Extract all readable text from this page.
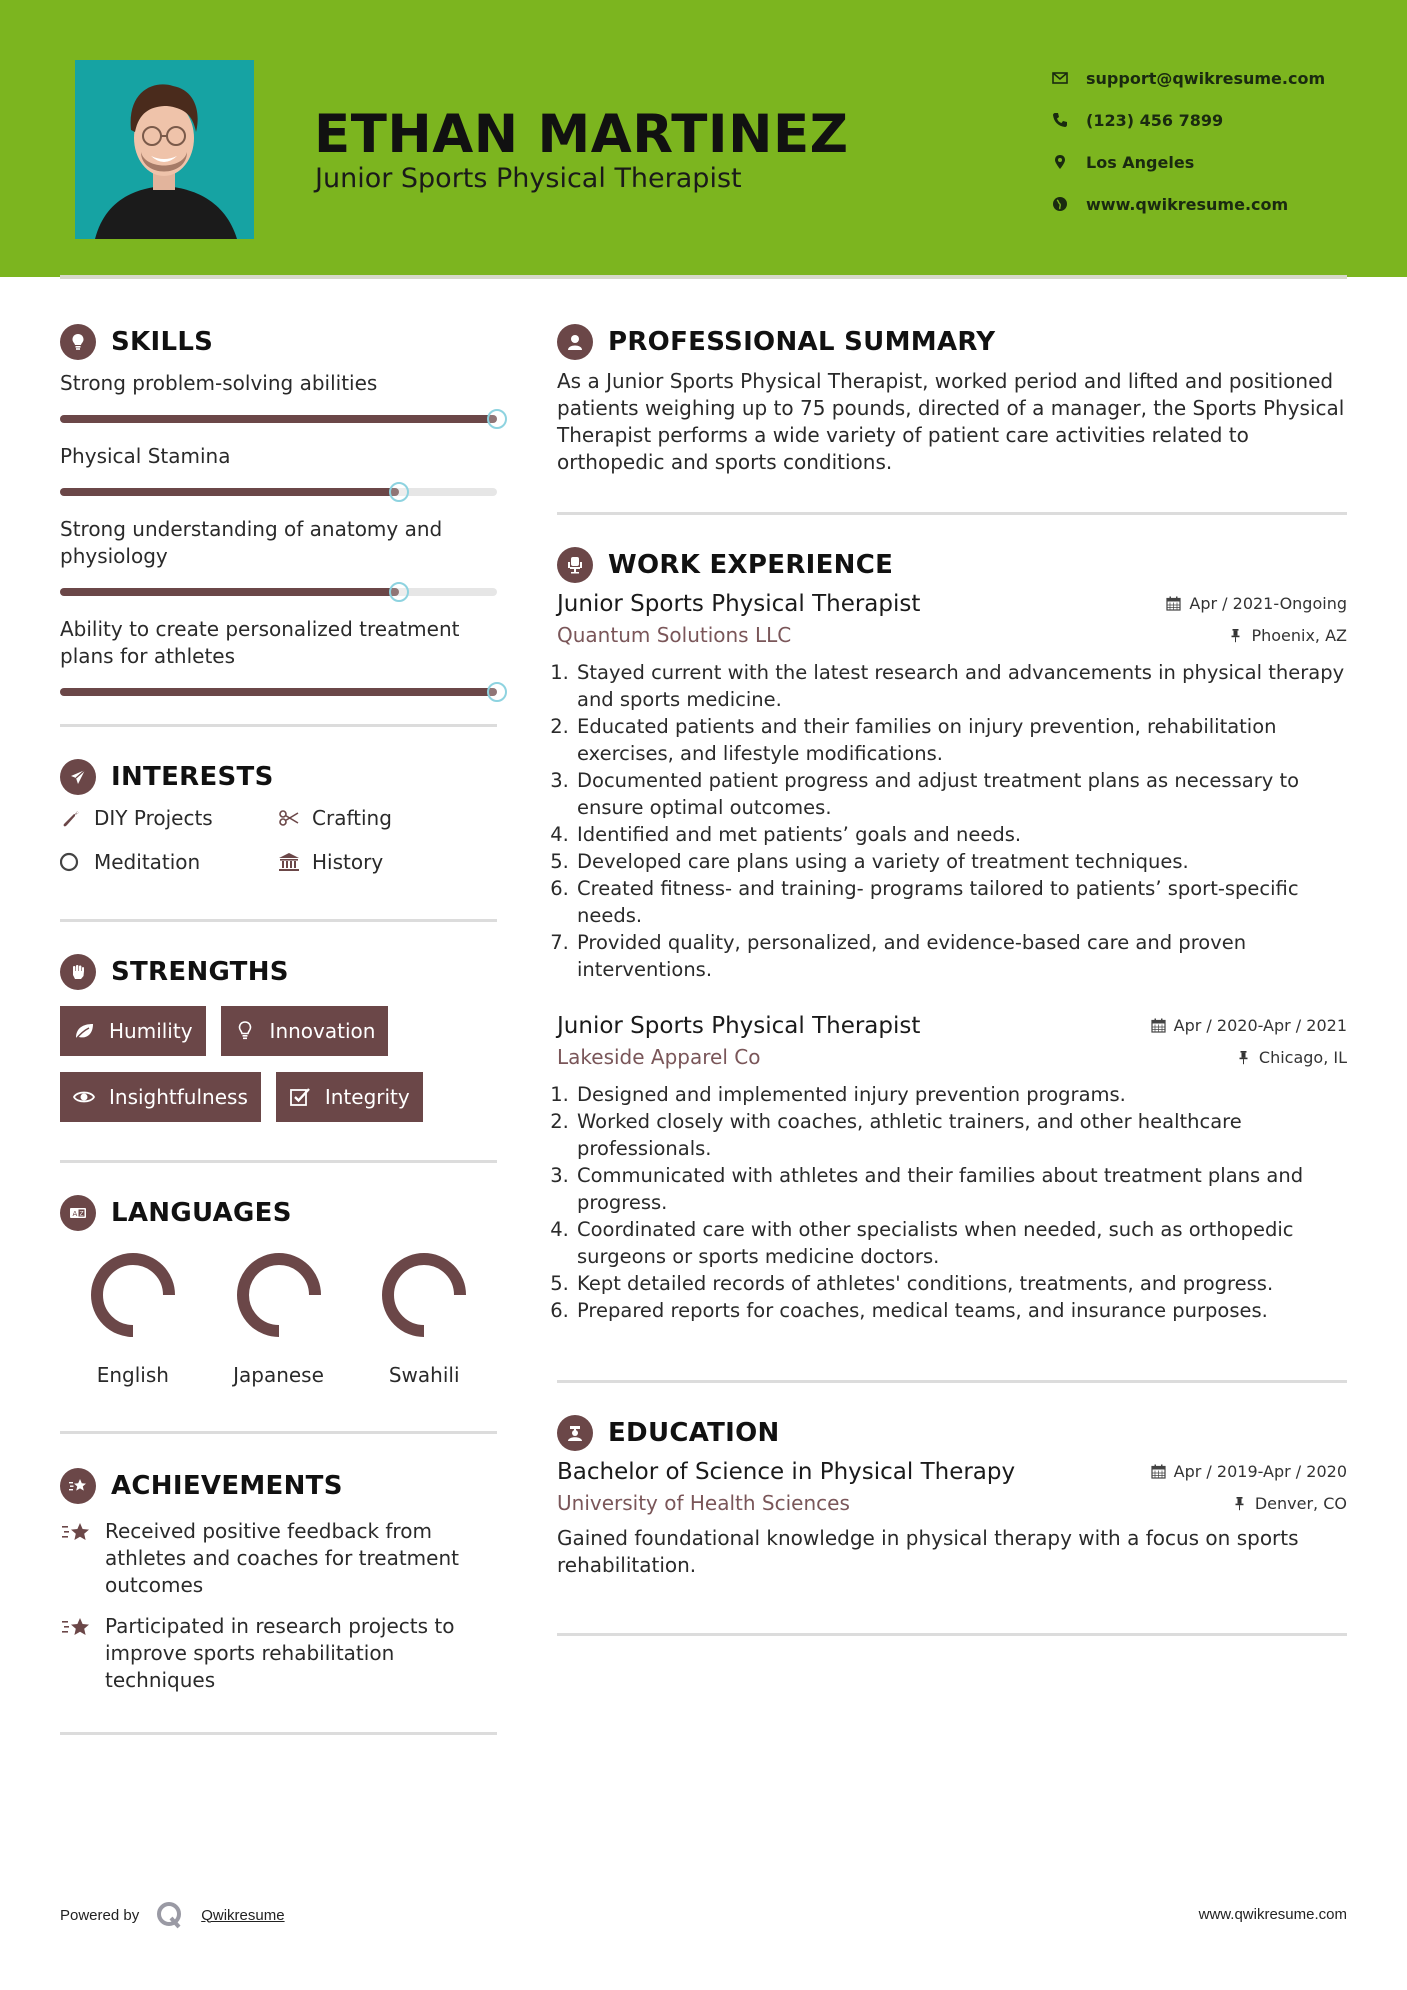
ETHAN MARTINEZ
Junior Sports Physical Therapist
support@qwikresume.com
(123) 456 7899
Los Angeles
www.qwikresume.com
SKILLS
Strong problem-solving abilities
Physical Stamina
Strong understanding of anatomy and physiology
Ability to create personalized treatment plans for athletes
INTERESTS
DIY Projects	Crafting
Meditation	History
STRENGTHS
Humility	Innovation
Insightfulness	Integrity
A Z LANGUAGES
English	Japanese	Swahili
ACHIEVEMENTS
Received positive feedback from athletes and coaches for treatment outcomes
Participated in research projects to improve sports rehabilitation techniques
PROFESSIONAL SUMMARY

As a Junior Sports Physical Therapist, worked period and lifted and positioned patients weighing up to 75 pounds, directed of a manager, the Sports Physical Therapist performs a wide variety of patient care activities related to orthopedic and sports conditions.

WORK EXPERIENCE
Junior Sports Physical Therapist	Apr / 2021-Ongoing
Quantum Solutions LLC	Phoenix, AZ
1. Stayed current with the latest research and advancements in physical therapy and sports medicine.
2. Educated patients and their families on injury prevention, rehabilitation exercises, and lifestyle modifications.
3. Documented patient progress and adjust treatment plans as necessary to ensure optimal outcomes.
4. Identified and met patients’ goals and needs.
5. Developed care plans using a variety of treatment techniques.
6. Created fitness- and training- programs tailored to patients’ sport-specific needs.
7. Provided quality, personalized, and evidence-based care and proven interventions.
Junior Sports Physical Therapist	Apr / 2020-Apr / 2021
Lakeside Apparel Co	Chicago, IL
1. Designed and implemented injury prevention programs.
2. Worked closely with coaches, athletic trainers, and other healthcare professionals.
3. Communicated with athletes and their families about treatment plans and progress.
4. Coordinated care with other specialists when needed, such as orthopedic surgeons or sports medicine doctors.
5. Kept detailed records of athletes' conditions, treatments, and progress.
6. Prepared reports for coaches, medical teams, and insurance purposes.
EDUCATION
Bachelor of Science in Physical Therapy	Apr / 2019-Apr / 2020
University of Health Sciences	Denver, CO

Gained foundational knowledge in physical therapy with a focus on sports rehabilitation.

Powered by	Qwikresume	www.qwikresume.com
